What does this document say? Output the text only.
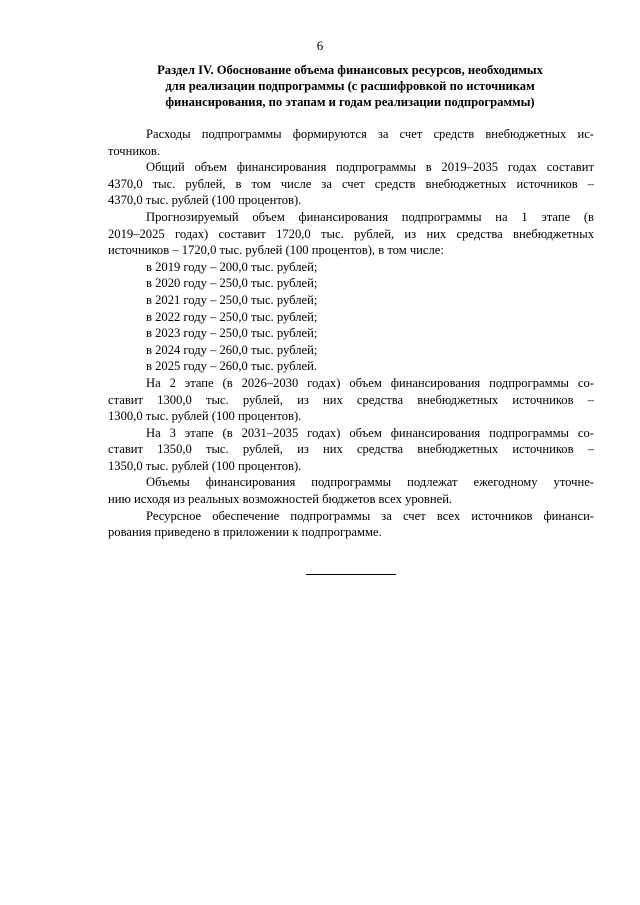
6
Раздел IV. Обоснование объема финансовых ресурсов, необходимых
для реализации подпрограммы (с расшифровкой по источникам
финансирования, по этапам и годам реализации подпрограммы)
Расходы подпрограммы формируются за счет средств внебюджетных ис-
точников.
Общий объем финансирования подпрограммы в 2019–2035 годах составит
4370,0 тыс. рублей, в том числе за счет средств внебюджетных источников –
4370,0 тыс. рублей (100 процентов).
Прогнозируемый объем финансирования подпрограммы на 1 этапе (в
2019–2025 годах) составит 1720,0 тыс. рублей, из них средства внебюджетных
источников – 1720,0 тыс. рублей (100 процентов), в том числе:
в 2019 году – 200,0 тыс. рублей;
в 2020 году – 250,0 тыс. рублей;
в 2021 году – 250,0 тыс. рублей;
в 2022 году – 250,0 тыс. рублей;
в 2023 году – 250,0 тыс. рублей;
в 2024 году – 260,0 тыс. рублей;
в 2025 году – 260,0 тыс. рублей.
На 2 этапе (в 2026–2030 годах) объем финансирования подпрограммы со-
ставит 1300,0 тыс. рублей, из них средства внебюджетных источников –
1300,0 тыс. рублей (100 процентов).
На 3 этапе (в 2031–2035 годах) объем финансирования подпрограммы со-
ставит 1350,0 тыс. рублей, из них средства внебюджетных источников –
1350,0 тыс. рублей (100 процентов).
Объемы финансирования подпрограммы подлежат ежегодному уточне-
нию исходя из реальных возможностей бюджетов всех уровней.
Ресурсное обеспечение подпрограммы за счет всех источников финанси-
рования приведено в приложении к подпрограмме.
